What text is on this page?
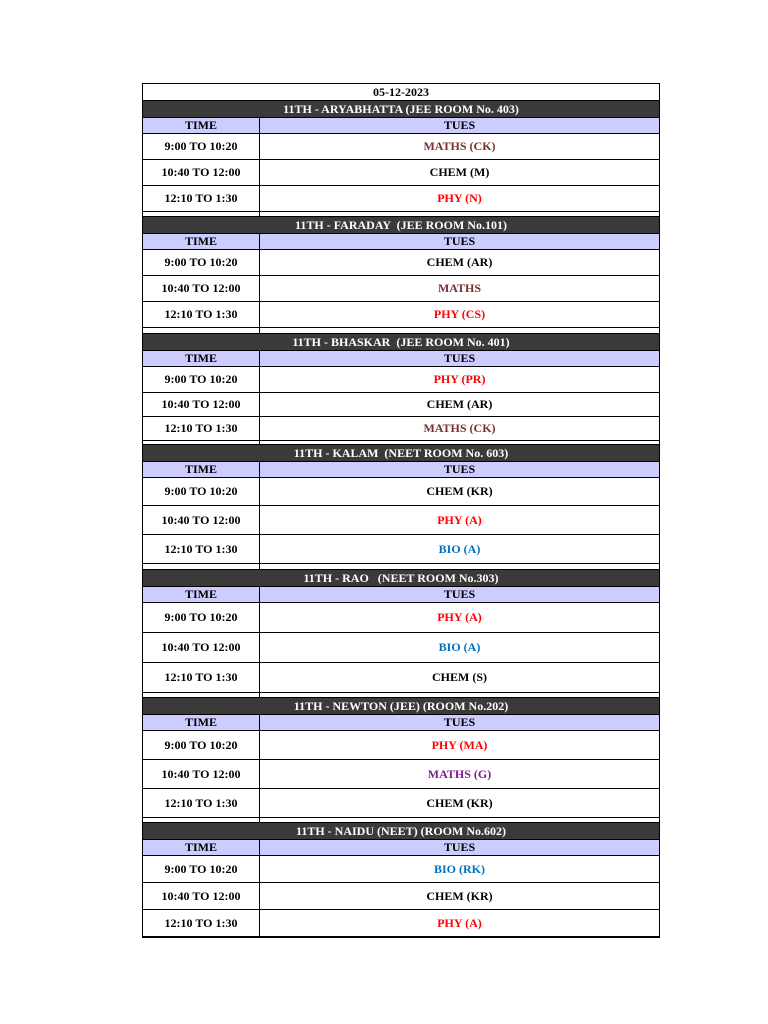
05-12-2023
11TH - ARYABHATTA (JEE ROOM No. 403)
TIME	TUES
9:00 TO 10:20	MATHS (CK)
10:40 TO 12:00	CHEM (M)
12:10 TO 1:30	PHY (N)
11TH - FARADAY  (JEE ROOM No.101)
TIME	TUES
9:00 TO 10:20	CHEM (AR)
10:40 TO 12:00	MATHS
12:10 TO 1:30	PHY (CS)
11TH - BHASKAR  (JEE ROOM No. 401)
TIME	TUES
9:00 TO 10:20	PHY (PR)
10:40 TO 12:00	CHEM (AR)
12:10 TO 1:30	MATHS (CK)
11TH - KALAM  (NEET ROOM No. 603)
TIME	TUES
9:00 TO 10:20	CHEM (KR)
10:40 TO 12:00	PHY (A)
12:10 TO 1:30	BIO (A)
11TH - RAO   (NEET ROOM No.303)
TIME	TUES
9:00 TO 10:20	PHY (A)
10:40 TO 12:00	BIO (A)
12:10 TO 1:30	CHEM (S)
11TH - NEWTON (JEE) (ROOM No.202)
TIME	TUES
9:00 TO 10:20	PHY (MA)
10:40 TO 12:00	MATHS (G)
12:10 TO 1:30	CHEM (KR)
11TH - NAIDU (NEET) (ROOM No.602)
TIME	TUES
9:00 TO 10:20	BIO (RK)
10:40 TO 12:00	CHEM (KR)
12:10 TO 1:30	PHY (A)
